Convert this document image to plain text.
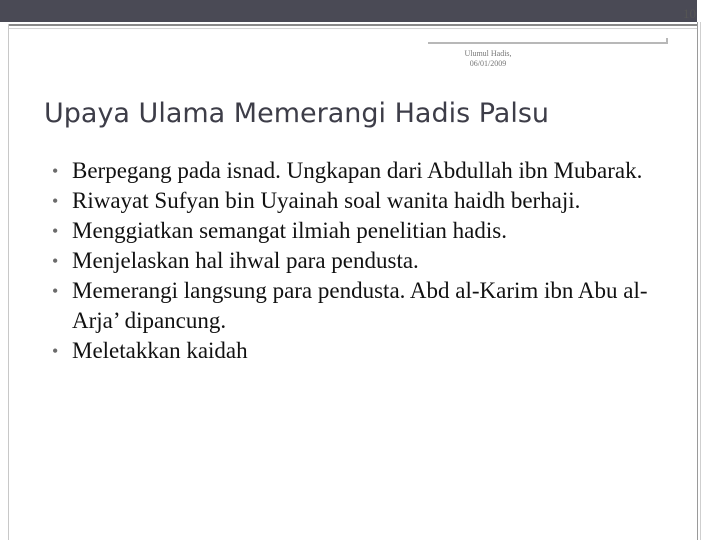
10
Ulumul Hadis,
06/01/2009
Upaya Ulama Memerangi Hadis Palsu
• Berpegang pada isnad. Ungkapan dari Abdullah ibn Mubarak.
• Riwayat Sufyan bin Uyainah soal wanita haidh berhaji.
• Menggiatkan semangat ilmiah penelitian hadis.
• Menjelaskan hal ihwal para pendusta.
• Memerangi langsung para pendusta. Abd al-Karim ibn Abu al-Arja’ dipancung.
• Meletakkan kaidah
